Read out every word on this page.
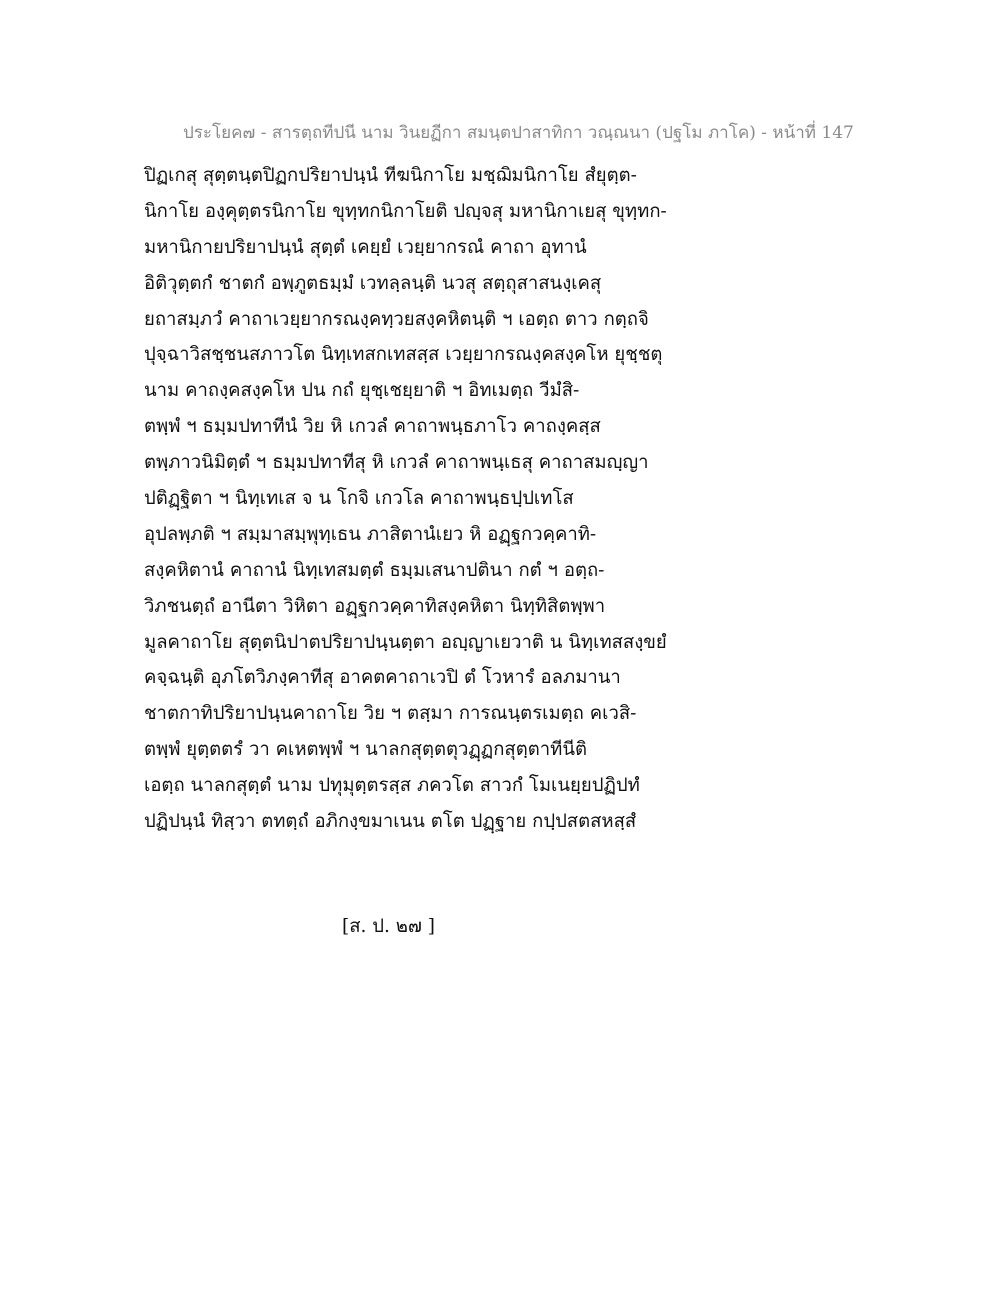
ประโยค๗ - สารตฺถทีปนี นาม วินยฏีกา สมนฺตปาสาทิกา วณฺณนา (ปฐโม ภาโค) - หน้าที่ 147
ปิฏเกสุ สุตฺตนฺตปิฏกปริยาปนฺนํ ทีฆนิกาโย มชฺฌิมนิกาโย สํยุตฺต-
นิกาโย องฺคุตฺตรนิกาโย ขุทฺทกนิกาโยติ ปญฺจสุ มหานิกาเยสุ ขุทฺทก-
มหานิกายปริยาปนฺนํ สุตฺตํ เคยฺยํ เวยฺยากรณํ คาถา อุทานํ
อิติวุตฺตกํ ชาตกํ อพฺภูตธมฺมํ เวทลฺลนฺติ นวสุ สตฺถุสาสนงฺเคสุ
ยถาสมฺภวํ คาถาเวยฺยากรณงฺคทฺวยสงฺคหิตนฺติ ฯ เอตฺถ ตาว กตฺถจิ
ปุจฺฉาวิสชฺชนสภาวโต นิทฺเทสกเทสสฺส เวยฺยากรณงฺคสงฺคโห ยุชฺชตุ
นาม คาถงฺคสงฺคโห ปน กถํ ยุชฺเชยฺยาติ ฯ อิทเมตฺถ วีมํสิ-
ตพฺพํ ฯ ธมฺมปทาทีนํ วิย หิ เกวลํ คาถาพนฺธภาโว คาถงฺคสฺส
ตพฺภาวนิมิตฺตํ ฯ ธมฺมปทาทีสุ หิ เกวลํ คาถาพนฺเธสุ คาถาสมญฺญา
ปติฏฺฐิตา ฯ นิทฺเทเส จ น โกจิ เกวโล คาถาพนฺธปฺปเทโส
อุปลพฺภติ ฯ สมฺมาสมฺพุทฺเธน ภาสิตานํเยว หิ อฏฺฐกวคฺคาทิ-
สงฺคหิตานํ คาถานํ นิทฺเทสมตฺตํ ธมฺมเสนาปตินา กตํ ฯ อตฺถ-
วิภชนตฺถํ อานีตา วิหิตา อฏฺฐกวคฺคาทิสงฺคหิตา นิทฺทิสิตพฺพา
มูลคาถาโย สุตฺตนิปาตปริยาปนฺนตฺตา อญฺญาเยวาติ น นิทฺเทสสงฺขยํ
คจฺฉนฺติ อุภโตวิภงฺคาทีสุ อาคตคาถาเวปิ ตํ โวหารํ อลภมานา
ชาตกาทิปริยาปนฺนคาถาโย วิย ฯ ตสฺมา การณนฺตรเมตฺถ คเวสิ-
ตพฺพํ ยุตฺตตรํ วา คเหตพฺพํ ฯ นาลกสุตฺตตุวฏฺฏกสุตฺตาทีนีติ
เอตฺถ นาลกสุตฺตํ นาม ปทุมุตฺตรสฺส ภควโต สาวกํ โมเนยฺยปฏิปทํ
ปฏิปนฺนํ ทิสฺวา ตทตฺถํ อภิกงฺขมาเนน ตโต ปฏฺฐาย กปฺปสตสหสฺสํ
[ส. ป. ๒๗ ]
